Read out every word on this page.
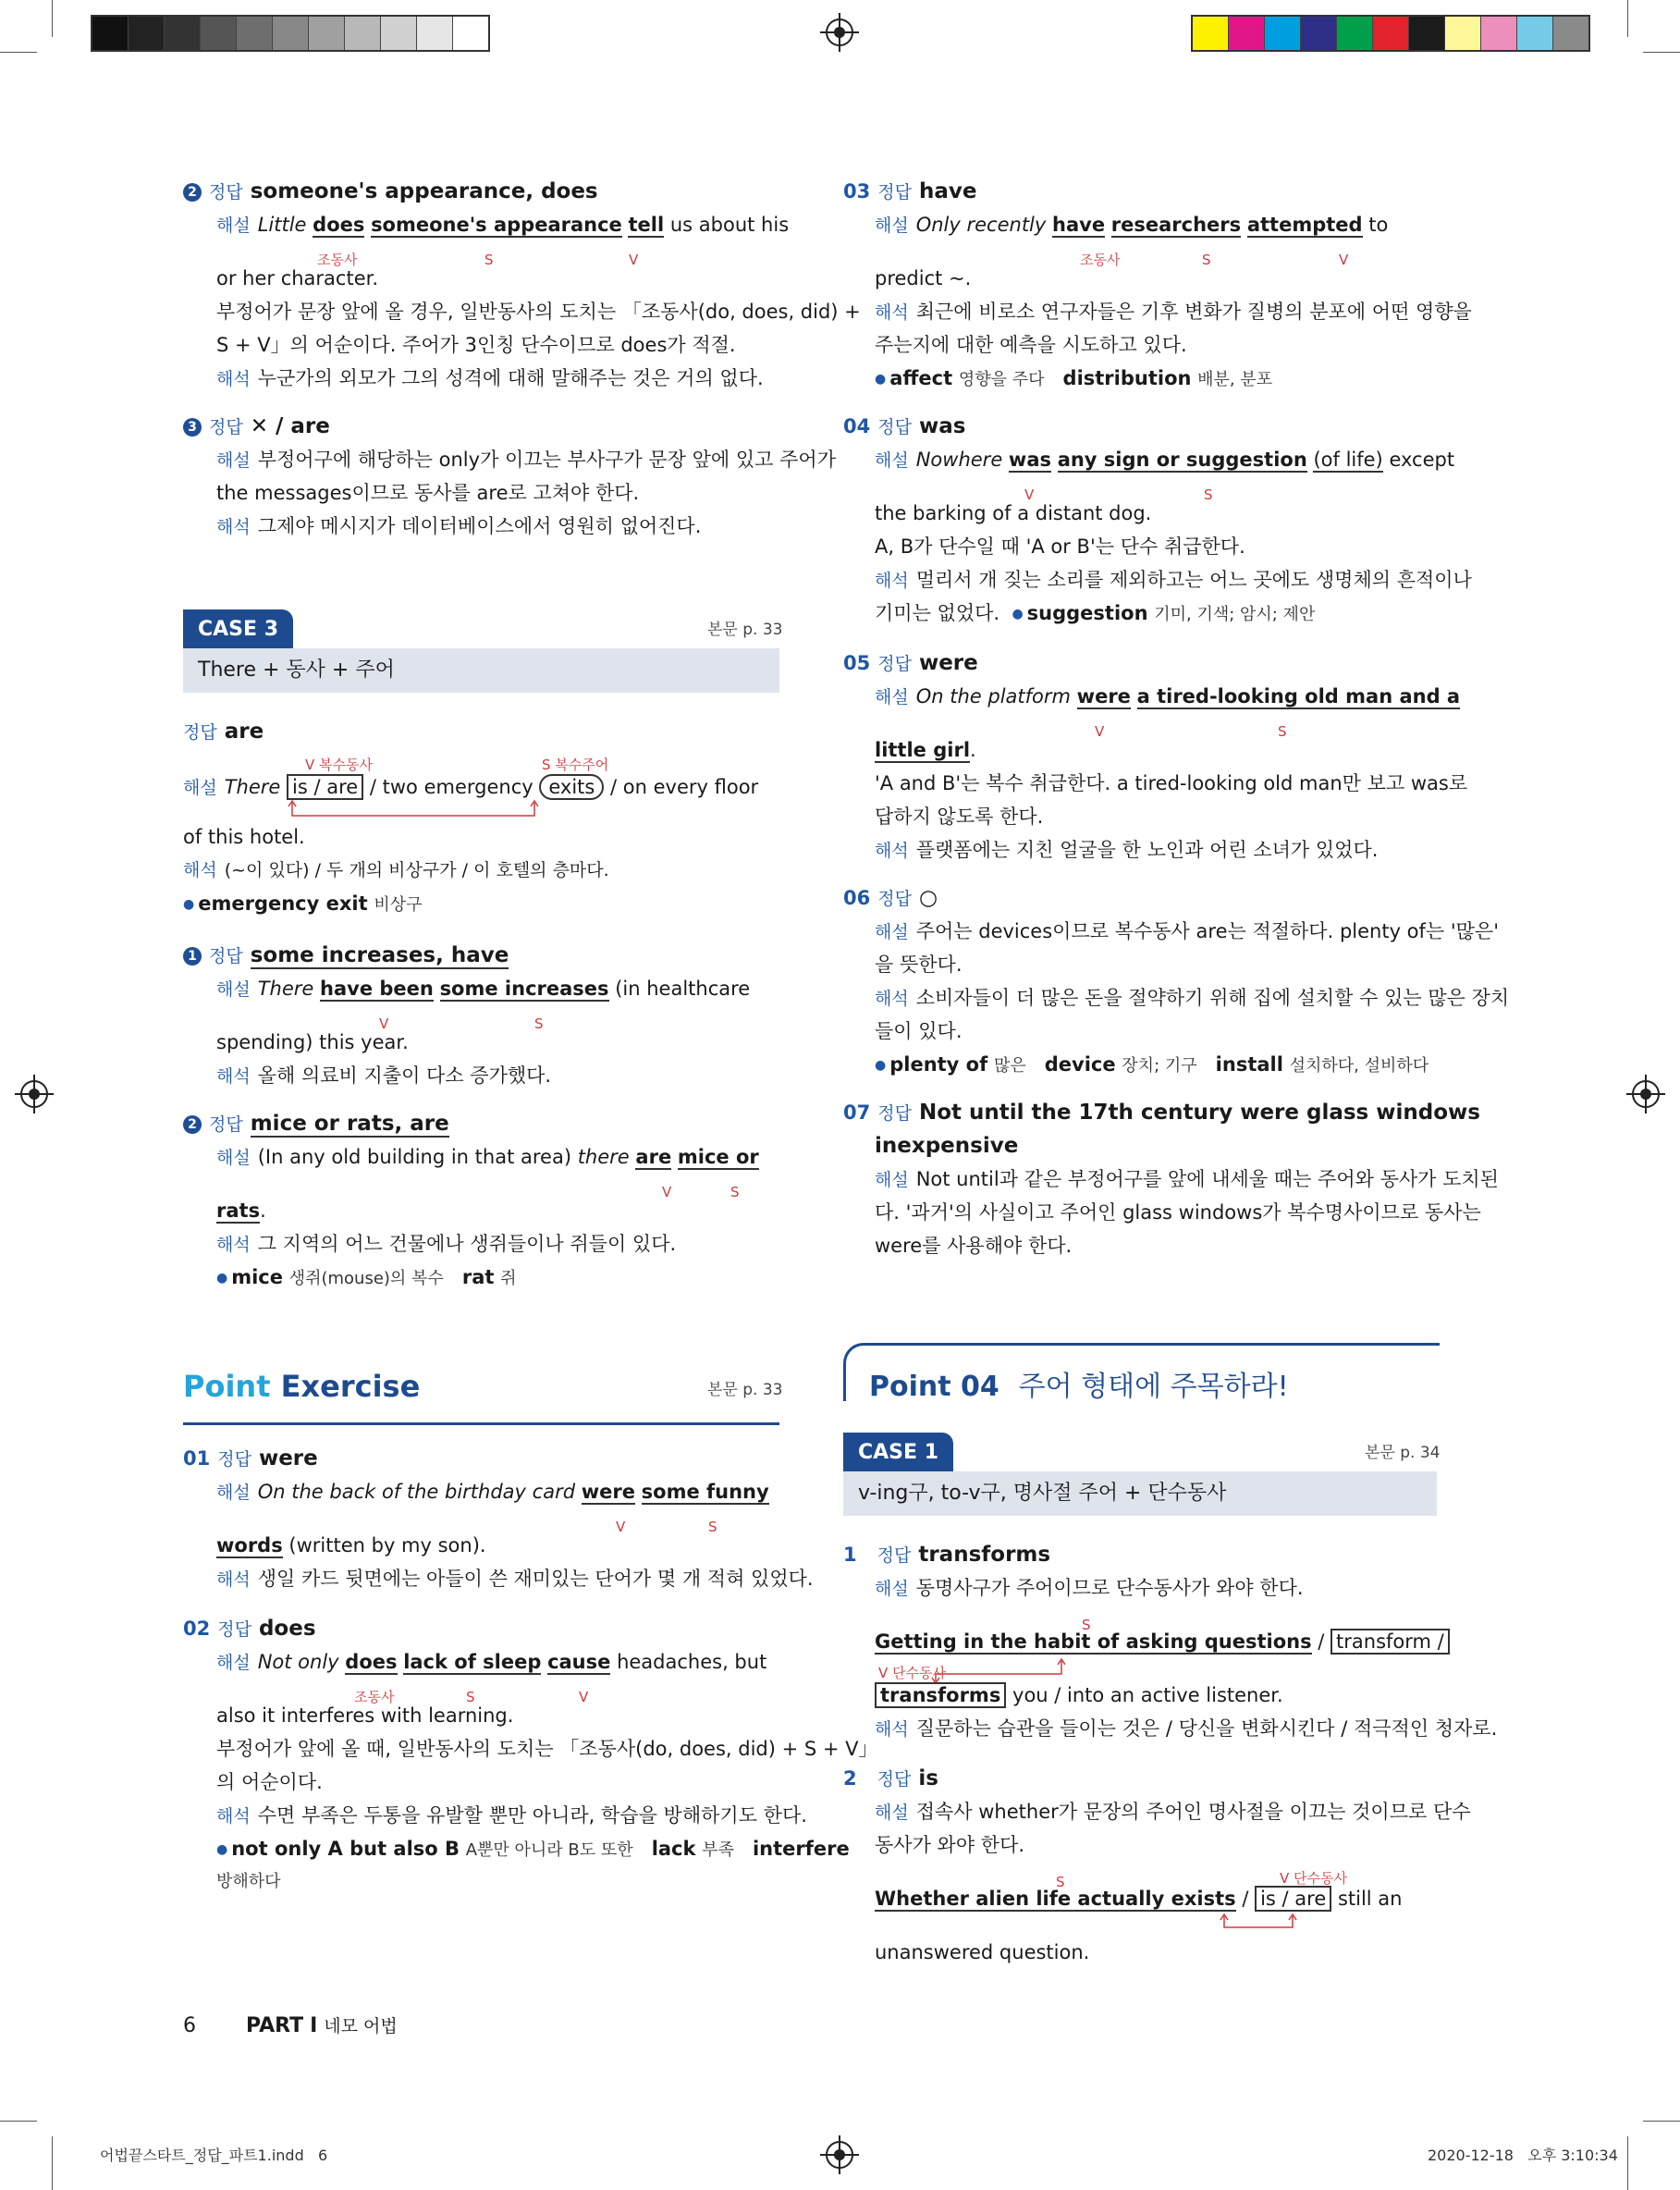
2 정답 someone's appearance, does
해설 Little does someone's appearance tell us about his
조동사	S	V
or her character.
부정어가 문장 앞에 올 경우, 일반동사의 도치는 「조동사(do, does, did) +
S + V」의 어순이다. 주어가 3인칭 단수이므로 does가 적절.
해석 누군가의 외모가 그의 성격에 대해 말해주는 것은 거의 없다.
3 정답 ✕ / are
해설 부정어구에 해당하는 only가 이끄는 부사구가 문장 앞에 있고 주어가
the messages이므로 동사를 are로 고쳐야 한다.
해석 그제야 메시지가 데이터베이스에서 영원히 없어진다.
CASE 3	본문 p. 33
There + 동사 + 주어
정답 are
V 복수동사	S 복수주어
해설 There is / are / two emergency exits / on every floor
of this hotel.
해석 (~이 있다) / 두 개의 비상구가 / 이 호텔의 층마다.
● emergency exit 비상구
1 정답 some increases, have
해설 There have been some increases (in healthcare
V	S
spending) this year.
해석 올해 의료비 지출이 다소 증가했다.
2 정답 mice or rats, are
해설 (In any old building in that area) there are mice or
V	S
rats.
해석 그 지역의 어느 건물에나 생쥐들이나 쥐들이 있다.
● mice 생쥐(mouse)의 복수 rat 쥐
Point Exercise	본문 p. 33
01 정답 were
해설 On the back of the birthday card were some funny
V	S
words (written by my son).
해석 생일 카드 뒷면에는 아들이 쓴 재미있는 단어가 몇 개 적혀 있었다.
02 정답 does
해설 Not only does lack of sleep cause headaches, but
조동사	S	V
also it interferes with learning.
부정어가 앞에 올 때, 일반동사의 도치는 「조동사(do, does, did) + S + V」
의 어순이다.
해석 수면 부족은 두통을 유발할 뿐만 아니라, 학습을 방해하기도 한다.
● not only A but also B A뿐만 아니라 B도 또한 lack 부족 interfere
방해하다
03 정답 have
해설 Only recently have researchers attempted to
조동사	S	V
predict ~.
해석 최근에 비로소 연구자들은 기후 변화가 질병의 분포에 어떤 영향을
주는지에 대한 예측을 시도하고 있다.
● affect 영향을 주다 distribution 배분, 분포
04 정답 was
해설 Nowhere was any sign or suggestion (of life) except
V	S
the barking of a distant dog.
A, B가 단수일 때 'A or B'는 단수 취급한다.
해석 멀리서 개 짖는 소리를 제외하고는 어느 곳에도 생명체의 흔적이나
기미는 없었다. ● suggestion 기미, 기색; 암시; 제안
05 정답 were
해설 On the platform were a tired-looking old man and a
V	S
little girl.
'A and B'는 복수 취급한다. a tired-looking old man만 보고 was로
답하지 않도록 한다.
해석 플랫폼에는 지친 얼굴을 한 노인과 어린 소녀가 있었다.
06 정답 ○
해설 주어는 devices이므로 복수동사 are는 적절하다. plenty of는 '많은'
을 뜻한다.
해석 소비자들이 더 많은 돈을 절약하기 위해 집에 설치할 수 있는 많은 장치
들이 있다.
● plenty of 많은 device 장치; 기구 install 설치하다, 설비하다
07 정답 Not until the 17th century were glass windows
inexpensive
해설 Not until과 같은 부정어구를 앞에 내세울 때는 주어와 동사가 도치된
다. '과거'의 사실이고 주어인 glass windows가 복수명사이므로 동사는
were를 사용해야 한다.
Point 04 주어 형태에 주목하라!
CASE 1	본문 p. 34
v-ing구, to-v구, 명사절 주어 + 단수동사
1 정답 transforms
해설 동명사구가 주어이므로 단수동사가 와야 한다.
S
Getting in the habit of asking questions / transform /
V 단수동사
transforms you / into an active listener.
해석 질문하는 습관을 들이는 것은 / 당신을 변화시킨다 / 적극적인 청자로.
2 정답 is
해설 접속사 whether가 문장의 주어인 명사절을 이끄는 것이므로 단수
동사가 와야 한다.
S	V 단수동사
Whether alien life actually exists / is / are still an
unanswered question.
6 PART I 네모 어법
어법끝스타트_정답_파트1.indd   6	2020-12-18   오후 3:10:34
